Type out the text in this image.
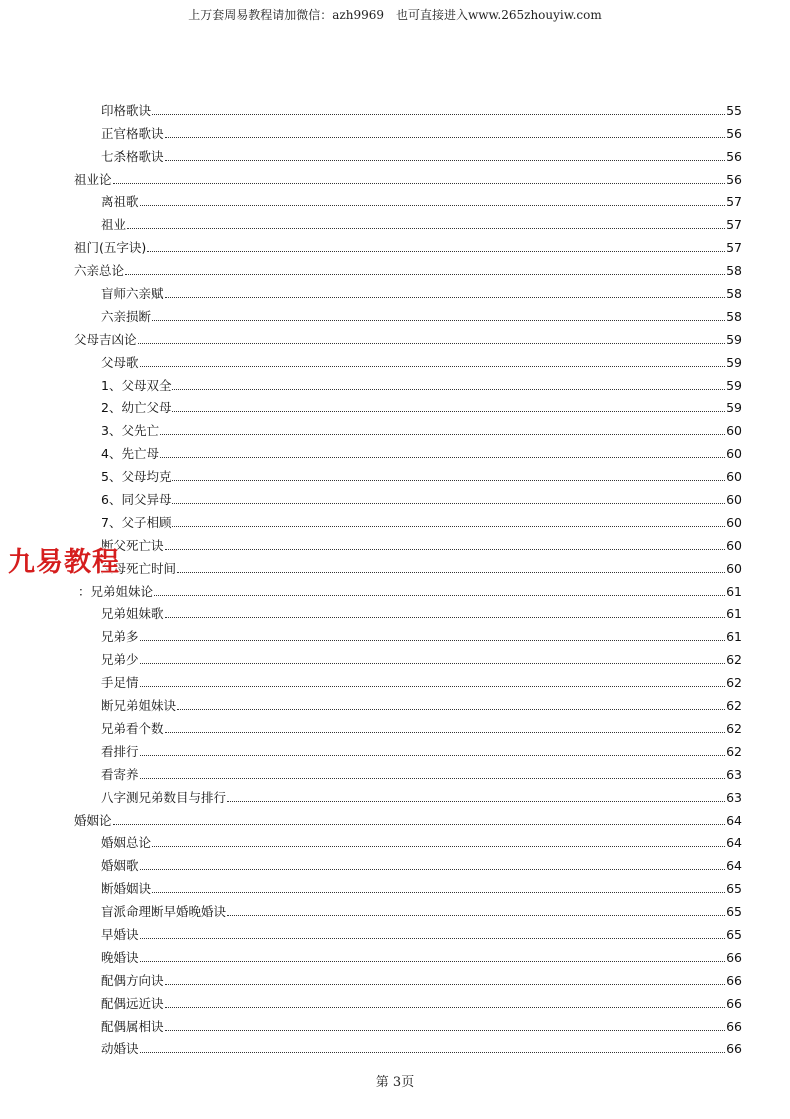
上万套周易教程请加微信：azh9969　也可直接进入www.265zhouyiw.com
印格歌诀	55
正官格歌诀	56
七杀格歌诀	56
祖业论	56
离祖歌	57
祖业	57
祖门(五字诀)	57
六亲总论	58
盲师六亲赋	58
六亲损断	58
父母吉凶论	59
父母歌	59
1、父母双全	59
2、幼亡父母	59
3、父先亡	60
4、先亡母	60
5、父母均克	60
6、同父异母	60
7、父子相顾	60
断父死亡诀	60
父母死亡时间	60
：兄弟姐妹论	61
兄弟姐妹歌	61
兄弟多	61
兄弟少	62
手足情	62
断兄弟姐妹诀	62
兄弟看个数	62
看排行	62
看寄养	63
八字测兄弟数目与排行	63
婚姻论	64
婚姻总论	64
婚姻歌	64
断婚姻诀	65
盲派命理断早婚晚婚诀	65
早婚诀	65
晚婚诀	66
配偶方向诀	66
配偶远近诀	66
配偶属相诀	66
动婚诀	66
九易教程
第 3页
